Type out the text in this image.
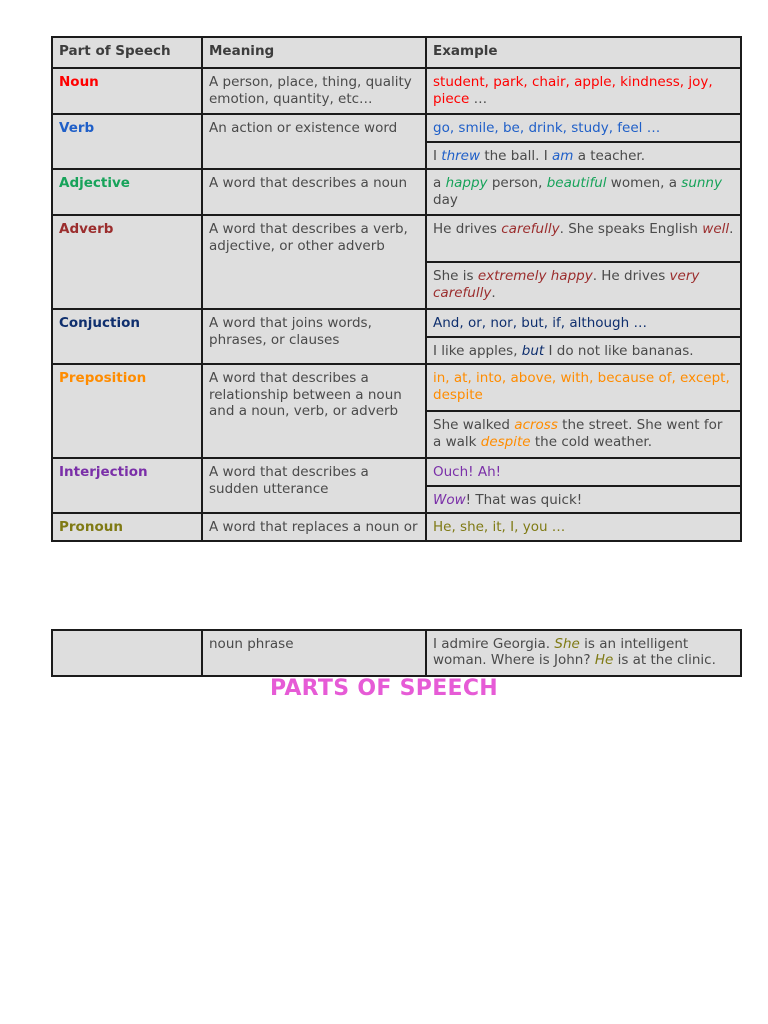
Part of Speech	Meaning	Example
Noun	A person, place, thing, quality emotion, quantity, etc…	student, park, chair, apple, kindness, joy, piece …
Verb	An action or existence word	go, smile, be, drink, study, feel …
		I threw the ball. I am a teacher.
Adjective	A word that describes a noun	a happy person, beautiful women, a sunny day
Adverb	A word that describes a verb, adjective, or other adverb	He drives carefully. She speaks English well.
		She is extremely happy. He drives very carefully.
Conjuction	A word that joins words, phrases, or clauses	And, or, nor, but, if, although …
		I like apples, but I do not like bananas.
Preposition	A word that describes a relationship between a noun and a noun, verb, or adverb	in, at, into, above, with, because of, except, despite
		She walked across the street. She went for a walk despite the cold weather.
Interjection	A word that describes a sudden utterance	Ouch! Ah!
		Wow! That was quick!
Pronoun	A word that replaces a noun or	He, she, it, I, you …
	noun phrase	I admire Georgia. She is an intelligent woman. Where is John? He is at the clinic.
PARTS OF SPEECH
